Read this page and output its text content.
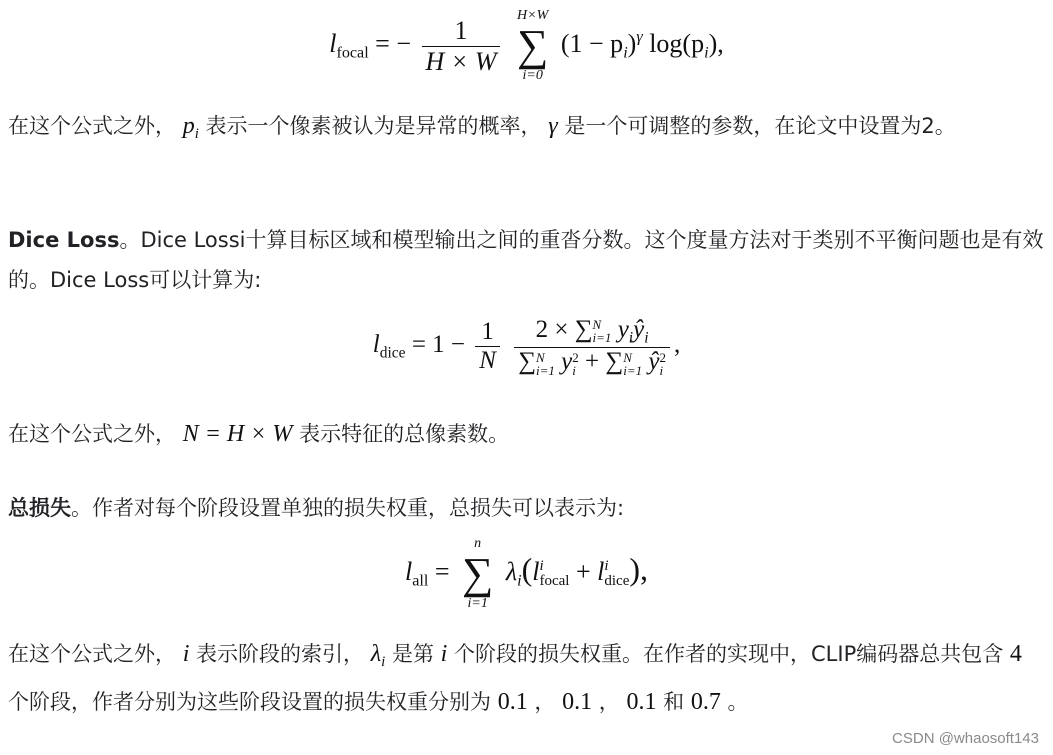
$l_{focal}$ = − $\frac{1}{H \times W}$
H×W
∑
i=0
$(1 - p_i)^\gamma$ $\log(p_i)$,
在这个公式之外， $p_i$ 表示一个像素被认为是异常的概率， γ 是一个可调整的参数，在论文中设置为2。
Dice Loss。Dice Lossi十算目标区域和模型输出之间的重沓分数。这个度量方法对于类别不平衡问题也是有效的。Dice Loss可以计算为:
$l_{dice} = 1 - \frac{1}{N}$
2 × ∑ N
i=1 $y_iŷ_i$
∑ N
i=1 y 2
i + ∑ N
i=1 ŷ 2
i ,
在这个公式之外， N = H × W 表示特征的总像素数。
总损失。作者对每个阶段设置单独的损失权重，总损失可以表示为:
$l_{all}$ =
n
∑
i=1
$\lambda_i(l$ i
focal + l i
dice ),
在这个公式之外， i 表示阶段的索引， $\lambda_i$ 是第 i 个阶段的损失权重。在作者的实现中，CLIP编码器总共包含 4 个阶段，作者分别为这些阶段设置的损失权重分别为 0.1 ， 0.1 ， 0.1 和 0.7 。
CSDN @whaosoft143
